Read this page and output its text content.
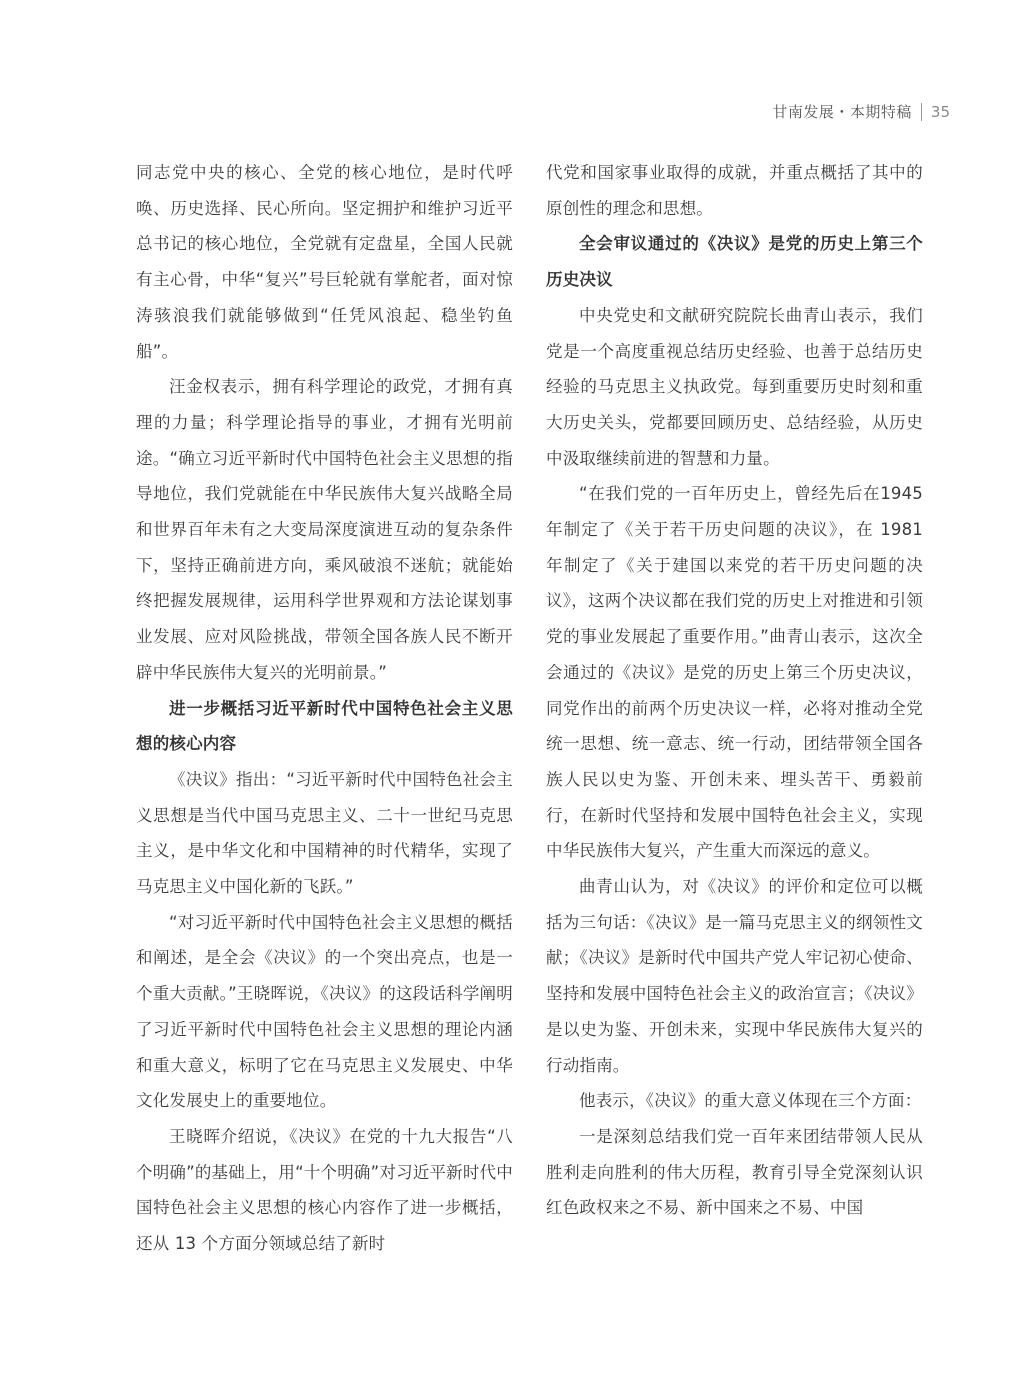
甘南发展・本期特稿 35

同志党中央的核心、全党的核心地位，是时代呼唤、历史选择、民心所向。坚定拥护和维护习近平总书记的核心地位，全党就有定盘星，全国人民就有主心骨，中华“复兴”号巨轮就有掌舵者，面对惊涛骇浪我们就能够做到“任凭风浪起、稳坐钓鱼船”。

汪金权表示，拥有科学理论的政党，才拥有真理的力量；科学理论指导的事业，才拥有光明前途。“确立习近平新时代中国特色社会主义思想的指导地位，我们党就能在中华民族伟大复兴战略全局和世界百年未有之大变局深度演进互动的复杂条件下，坚持正确前进方向，乘风破浪不迷航；就能始终把握发展规律，运用科学世界观和方法论谋划事业发展、应对风险挑战，带领全国各族人民不断开辟中华民族伟大复兴的光明前景。”

进一步概括习近平新时代中国特色社会主义思想的核心内容

《决议》指出：“习近平新时代中国特色社会主义思想是当代中国马克思主义、二十一世纪马克思主义，是中华文化和中国精神的时代精华，实现了马克思主义中国化新的飞跃。”

“对习近平新时代中国特色社会主义思想的概括和阐述，是全会《决议》的一个突出亮点，也是一个重大贡献。”王晓晖说，《决议》的这段话科学阐明了习近平新时代中国特色社会主义思想的理论内涵和重大意义，标明了它在马克思主义发展史、中华文化发展史上的重要地位。

王晓晖介绍说，《决议》在党的十九大报告“八个明确”的基础上，用“十个明确”对习近平新时代中国特色社会主义思想的核心内容作了进一步概括，还从 13 个方面分领域总结了新时

代党和国家事业取得的成就，并重点概括了其中的原创性的理念和思想。

全会审议通过的《决议》是党的历史上第三个历史决议

中央党史和文献研究院院长曲青山表示，我们党是一个高度重视总结历史经验、也善于总结历史经验的马克思主义执政党。每到重要历史时刻和重大历史关头，党都要回顾历史、总结经验，从历史中汲取继续前进的智慧和力量。

“在我们党的一百年历史上，曾经先后在1945 年制定了《关于若干历史问题的决议》，在 1981 年制定了《关于建国以来党的若干历史问题的决议》，这两个决议都在我们党的历史上对推进和引领党的事业发展起了重要作用。”曲青山表示，这次全会通过的《决议》是党的历史上第三个历史决议，同党作出的前两个历史决议一样，必将对推动全党统一思想、统一意志、统一行动，团结带领全国各族人民以史为鉴、开创未来、埋头苦干、勇毅前行，在新时代坚持和发展中国特色社会主义，实现中华民族伟大复兴，产生重大而深远的意义。

曲青山认为，对《决议》的评价和定位可以概括为三句话：《决议》是一篇马克思主义的纲领性文献；《决议》是新时代中国共产党人牢记初心使命、坚持和发展中国特色社会主义的政治宣言；《决议》是以史为鉴、开创未来，实现中华民族伟大复兴的行动指南。

他表示，《决议》的重大意义体现在三个方面：

一是深刻总结我们党一百年来团结带领人民从胜利走向胜利的伟大历程，教育引导全党深刻认识红色政权来之不易、新中国来之不易、中国
